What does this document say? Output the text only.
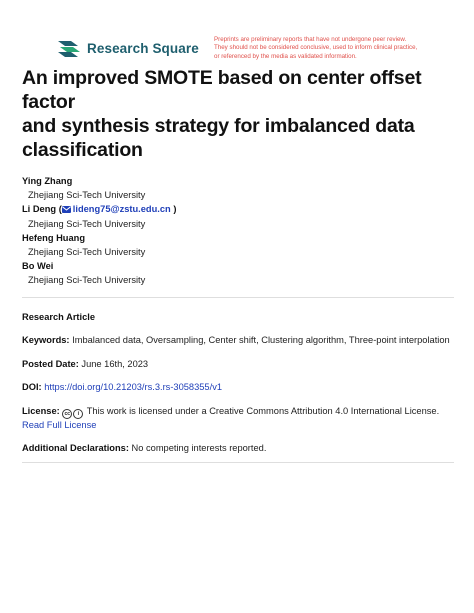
Research Square
Preprints are preliminary reports that have not undergone peer review.
They should not be considered conclusive, used to inform clinical practice,
or referenced by the media as validated information.
An improved SMOTE based on center offset factor
and synthesis strategy for imbalanced data
classification
Ying Zhang
Zhejiang Sci-Tech University
Li Deng ( lideng75@zstu.edu.cn )
Zhejiang Sci-Tech University
Hefeng Huang
Zhejiang Sci-Tech University
Bo Wei
Zhejiang Sci-Tech University
Research Article
Keywords: Imbalanced data, Oversampling, Center shift, Clustering algorithm, Three-point interpolation
Posted Date: June 16th, 2023
DOI: https://doi.org/10.21203/rs.3.rs-3058355/v1
License: cc i This work is licensed under a Creative Commons Attribution 4.0 International License.
Read Full License
Additional Declarations: No competing interests reported.
